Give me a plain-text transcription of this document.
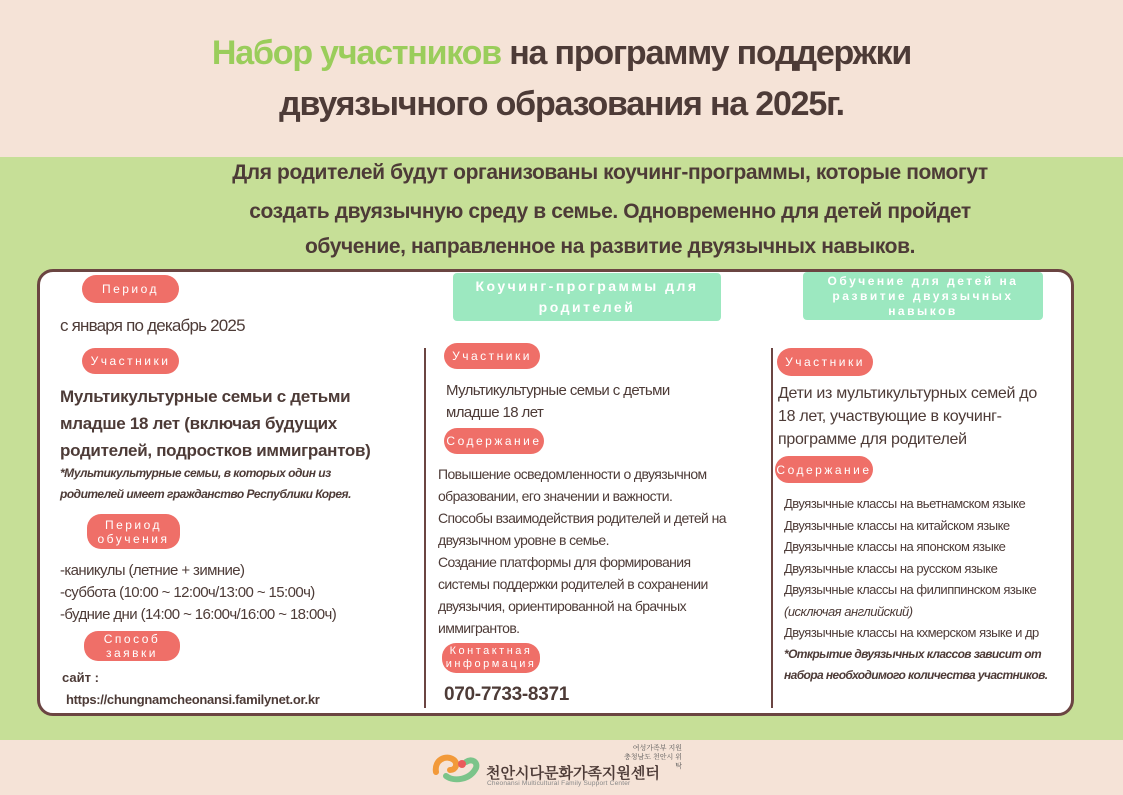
Набор участников на программу поддержки
двуязычного образования на 2025г.
Для родителей будут организованы коучинг-программы, которые помогут
создать двуязычную среду в семье. Одновременно для детей пройдет
обучение, направленное на развитие двуязычных навыков.
Период
с января по декабрь 2025
Участники
Мультикультурные семьи с детьми
младше 18 лет (включая будущих
родителей, подростков иммигрантов)
*Мультикультурные семьи, в которых один из
родителей имеет гражданство Республики Корея.
Период
обучения
-каникулы (летние + зимние)
-суббота (10:00 ~ 12:00ч/13:00 ~ 15:00ч)
-будние дни (14:00 ~ 16:00ч/16:00 ~ 18:00ч)
Способ
заявки
сайт :
https://chungnamcheonansi.familynet.or.kr
Коучинг-программы для
родителей
Участники
Мультикультурные семьи с детьми
младше 18 лет
Содержание
Повышение осведомленности о двуязычном
образовании, его значении и важности.
Способы взаимодействия родителей и детей на
двуязычном уровне в семье.
Создание платформы для формирования
системы поддержки родителей в сохранении
двуязычия, ориентированной на брачных
иммигрантов.
Контактная
информация
070-7733-8371
Обучение для детей на
развитие двуязычных
навыков
Участники
Дети из мультикультурных семей до
18 лет, участвующие в коучинг-
программе для родителей
Содержание
Двуязычные классы на вьетнамском языке
Двуязычные классы на китайском языке
Двуязычные классы на японском языке
Двуязычные классы на русском языке
Двуязычные классы на филиппинском языке
(исключая английский)
Двуязычные классы на кхмерском языке и др
*Открытие двуязычных классов зависит от
набора необходимого количества участников.
여성가족부 지원
충청남도 천안시 위탁
천안시다문화가족지원센터
Cheonansi Multicultural Family Support Center
